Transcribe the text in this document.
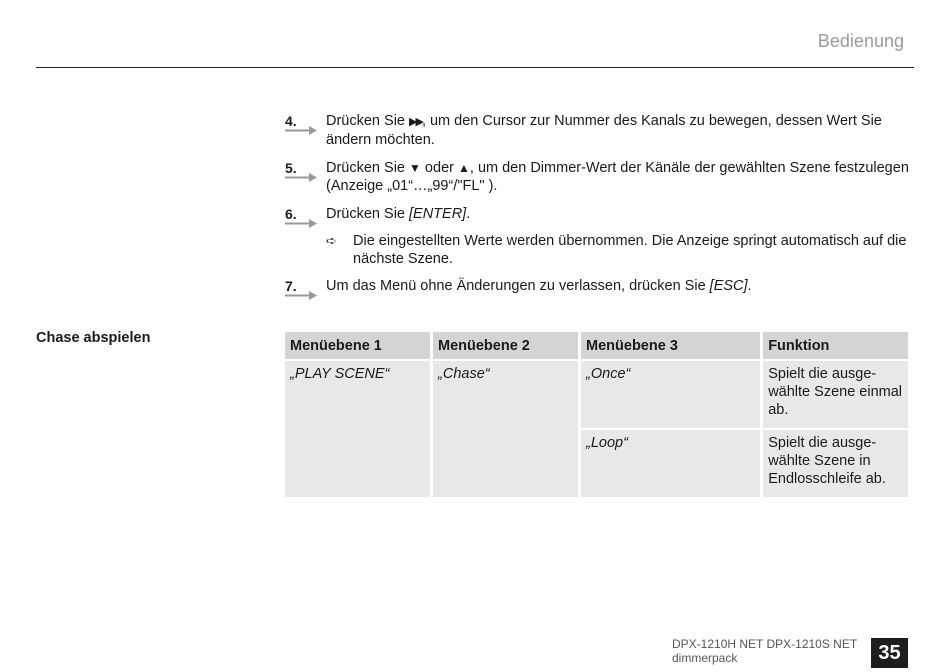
Bedienung
4. Drücken Sie ▶▶, um den Cursor zur Nummer des Kanals zu bewegen, dessen Wert Sie ändern möchten.
5. Drücken Sie ▼ oder ▲, um den Dimmer-Wert der Känäle der gewählten Szene festzulegen (Anzeige „01“…„99“/"FL" ).
6. Drücken Sie [ENTER].
➪ Die eingestellten Werte werden übernommen. Die Anzeige springt automatisch auf die nächste Szene.
7. Um das Menü ohne Änderungen zu verlassen, drücken Sie [ESC].
Chase abspielen	Menüebene 1	Menüebene 2	Menüebene 3	Funktion
„PLAY SCENE“	„Chase“	„Once“	Spielt die ausgewählte Szene einmal ab.
		„Loop“	Spielt die ausgewählte Szene in Endlosschleife ab.
DPX-1210H NET DPX-1210S NET
dimmerpack	35
